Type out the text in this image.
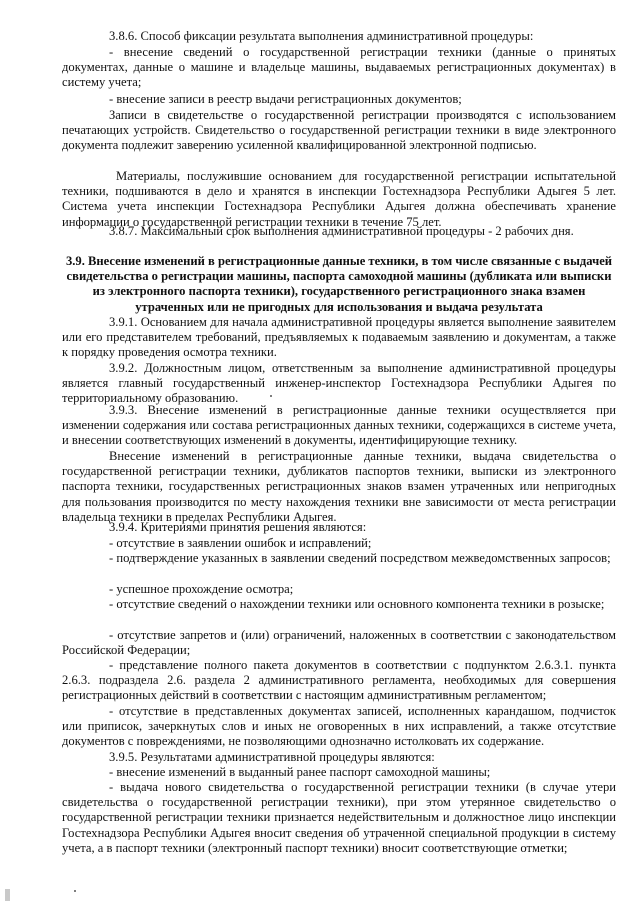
3.8.6. Способ фиксации результата выполнения административной процедуры:

- внесение сведений о государственной регистрации техники (данные о принятых документах, данные о машине и владельце машины, выдаваемых регистрационных документах) в систему учета;

- внесение записи в реестр выдачи регистрационных документов;

Записи в свидетельстве о государственной регистрации производятся с использованием печатающих устройств. Свидетельство о государственной регистрации техники в виде электронного документа подлежит заверению усиленной квалифицированной электронной подписью.

Материалы, послужившие основанием для государственной регистрации испытательной техники, подшиваются в дело и хранятся в инспекции Гостехнадзора Республики Адыгея 5 лет. Система учета инспекции Гостехнадзора Республики Адыгея должна обеспечивать хранение информации о государственной регистрации техники в течение 75 лет.

3.8.7. Максимальный срок выполнения административной процедуры - 2 рабочих дня.

3.9. Внесение изменений в регистрационные данные техники, в том числе связанные с выдачей свидетельства о регистрации машины, паспорта самоходной машины (дубликата или выписки из электронного паспорта техники), государственного регистрационного знака взамен утраченных или не пригодных для использования и выдача результата

3.9.1. Основанием для начала административной процедуры является выполнение заявителем или его представителем требований, предъявляемых к подаваемым заявлению и документам, а также к порядку проведения осмотра техники.

3.9.2. Должностным лицом, ответственным за выполнение административной процедуры является главный государственный инженер-инспектор Гостехнадзора Республики Адыгея по территориальному образованию.

3.9.3. Внесение изменений в регистрационные данные техники осуществляется при изменении содержания или состава регистрационных данных техники, содержащихся в системе учета, и внесении соответствующих изменений в документы, идентифицирующие технику.

Внесение изменений в регистрационные данные техники, выдача свидетельства о государственной регистрации техники, дубликатов паспортов техники, выписки из электронного паспорта техники, государственных регистрационных знаков взамен утраченных или непригодных для пользования производится по месту нахождения техники вне зависимости от места регистрации владельца техники в пределах Республики Адыгея.

3.9.4. Критериями принятия решения являются:

- отсутствие в заявлении ошибок и исправлений;

- подтверждение указанных в заявлении сведений посредством межведомственных запросов;

- успешное прохождение осмотра;

- отсутствие сведений о нахождении техники или основного компонента техники в розыске;

- отсутствие запретов и (или) ограничений, наложенных в соответствии с законодательством Российской Федерации;

- представление полного пакета документов в соответствии с подпунктом 2.6.3.1. пункта 2.6.3. подраздела 2.6. раздела 2 административного регламента, необходимых для совершения регистрационных действий в соответствии с настоящим административным регламентом;

- отсутствие в представленных документах записей, исполненных карандашом, подчисток или приписок, зачеркнутых слов и иных не оговоренных в них исправлений, а также отсутствие документов с повреждениями, не позволяющими однозначно истолковать их содержание.

3.9.5. Результатами административной процедуры являются:

- внесение изменений в выданный ранее паспорт самоходной машины;

- выдача нового свидетельства о государственной регистрации техники (в случае утери свидетельства о государственной регистрации техники), при этом утерянное свидетельство о государственной регистрации техники признается недействительным и должностное лицо инспекции Гостехнадзора Республики Адыгея вносит сведения об утраченной специальной продукции в систему учета, а в паспорт техники (электронный паспорт техники) вносит соответствующие отметки;
